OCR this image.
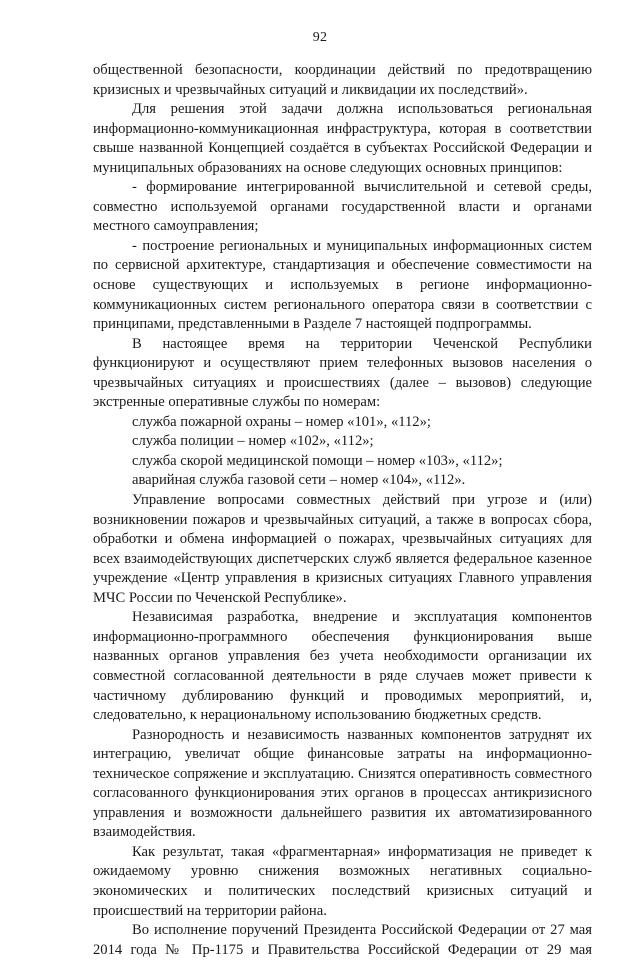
92

общественной безопасности, координации действий по предотвращению кризисных и чрезвычайных ситуаций и ликвидации их последствий».

Для решения этой задачи должна использоваться региональная информационно-коммуникационная инфраструктура, которая в соответствии свыше названной Концепцией создаётся в субъектах Российской Федерации и муниципальных образованиях на основе следующих основных принципов:

- формирование интегрированной вычислительной и сетевой среды, совместно используемой органами государственной власти и органами местного самоуправления;

- построение региональных и муниципальных информационных систем по сервисной архитектуре, стандартизация и обеспечение совместимости на основе существующих и используемых в регионе информационно-коммуникационных систем регионального оператора связи в соответствии с принципами, представленными в Разделе 7 настоящей подпрограммы.

В настоящее время на территории Чеченской Республики функционируют и осуществляют прием телефонных вызовов населения о чрезвычайных ситуациях и происшествиях (далее – вызовов) следующие экстренные оперативные службы по номерам:

служба пожарной охраны – номер «101», «112»;

служба полиции – номер «102», «112»;

служба скорой медицинской помощи – номер «103», «112»;

аварийная служба газовой сети – номер «104», «112».

Управление вопросами совместных действий при угрозе и (или) возникновении пожаров и чрезвычайных ситуаций, а также в вопросах сбора, обработки и обмена информацией о пожарах, чрезвычайных ситуациях для всех взаимодействующих диспетчерских служб является федеральное казенное учреждение «Центр управления в кризисных ситуациях Главного управления МЧС России по Чеченской Республике».

Независимая разработка, внедрение и эксплуатация компонентов информационно-программного обеспечения функционирования выше названных органов управления без учета необходимости организации их совместной согласованной деятельности в ряде случаев может привести к частичному дублированию функций и проводимых мероприятий, и, следовательно, к нерациональному использованию бюджетных средств.

Разнородность и независимость названных компонентов затруднят их интеграцию, увеличат общие финансовые затраты на информационно-техническое сопряжение и эксплуатацию. Снизятся оперативность совместного согласованного функционирования этих органов в процессах антикризисного управления и возможности дальнейшего развития их автоматизированного взаимодействия.

Как результат, такая «фрагментарная» информатизация не приведет к ожидаемому уровню снижения возможных негативных социально-экономических и политических последствий кризисных ситуаций и происшествий на территории района.

Во исполнение поручений Президента Российской Федерации от 27 мая 2014 года № Пр-1175 и Правительства Российской Федерации от 29 мая
